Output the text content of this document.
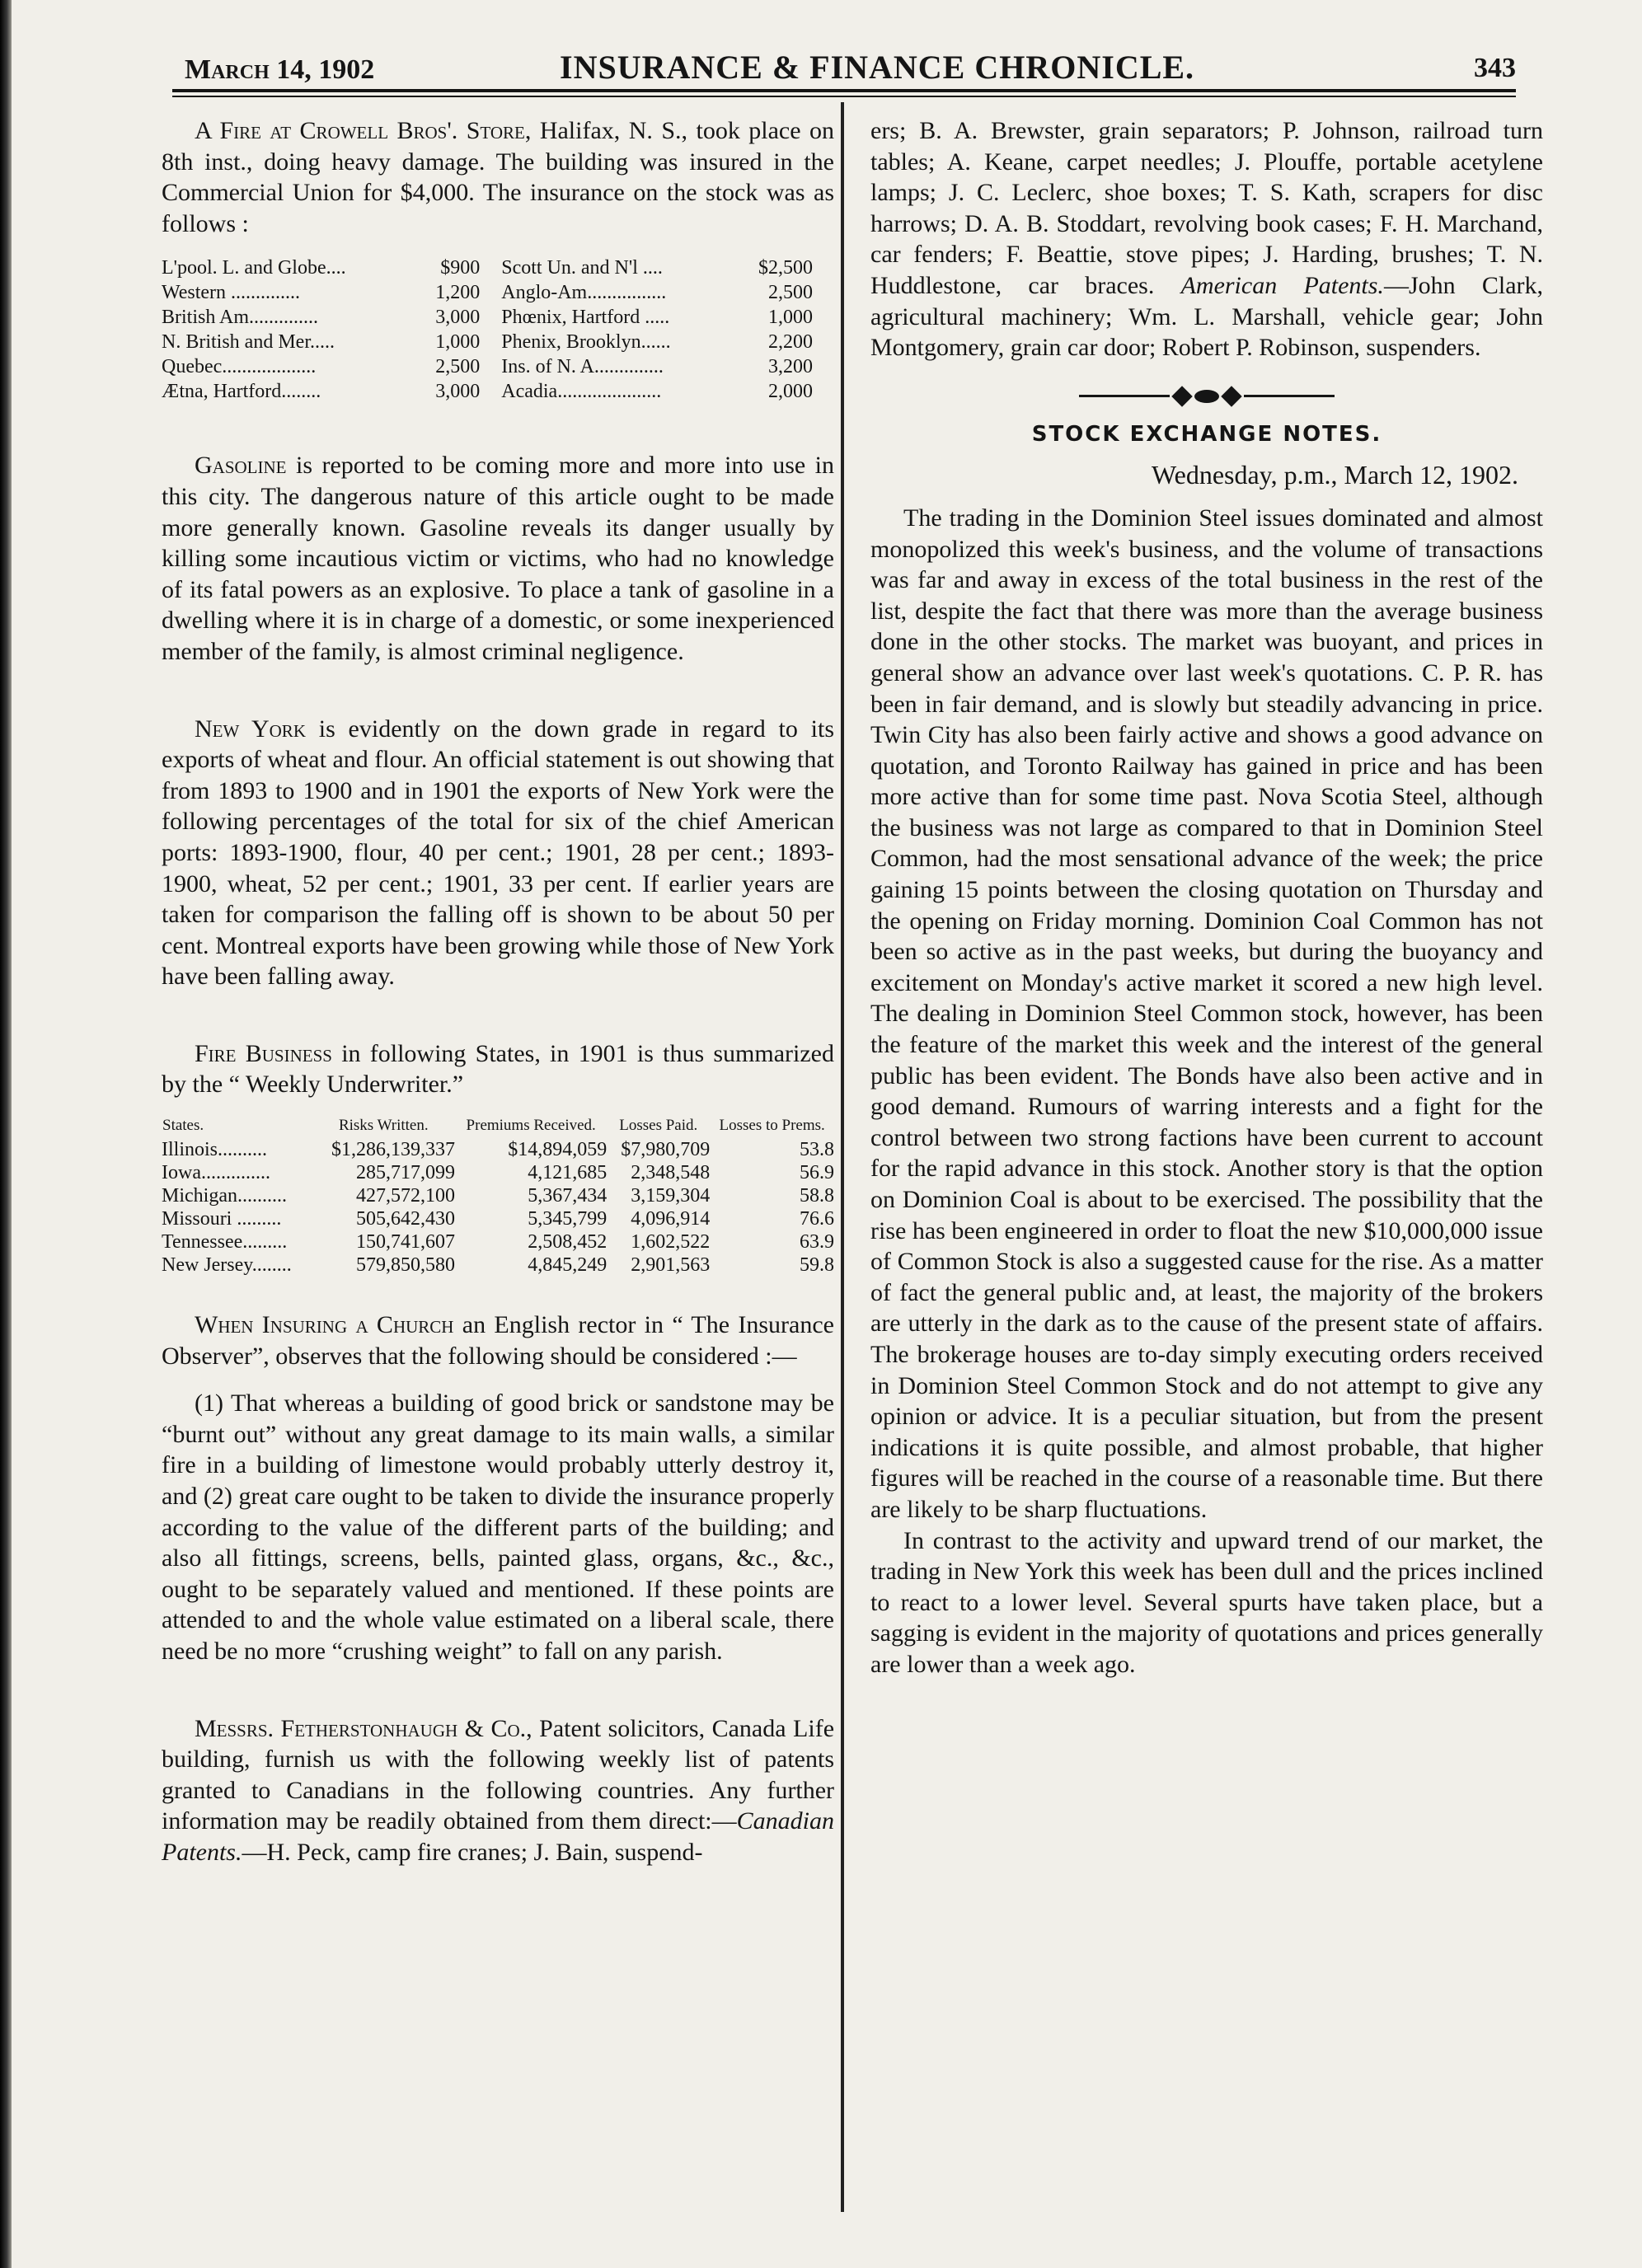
March 14, 1902	INSURANCE & FINANCE CHRONICLE.	343

A Fire at Crowell Bros'. Store, Halifax, N. S., took place on 8th inst., doing heavy damage. The building was insured in the Commercial Union for $4,000. The insurance on the stock was as follows :

L'pool. L. and Globe....	$900	Scott Un. and N'l ....	$2,500
Western ..............	1,200	Anglo-Am................	2,500
British Am..............	3,000	Phœnix, Hartford .....	1,000
N. British and Mer.....	1,000	Phenix, Brooklyn......	2,200
Quebec...................	2,500	Ins. of N. A..............	3,200
Ætna, Hartford........	3,000	Acadia.....................	2,000

Gasoline is reported to be coming more and more into use in this city. The dangerous nature of this article ought to be made more generally known. Gasoline reveals its danger usually by killing some incautious victim or victims, who had no knowledge of its fatal powers as an explosive. To place a tank of gasoline in a dwelling where it is in charge of a domestic, or some inexperienced member of the family, is almost criminal negligence.

New York is evidently on the down grade in regard to its exports of wheat and flour. An official statement is out showing that from 1893 to 1900 and in 1901 the exports of New York were the following percentages of the total for six of the chief American ports: 1893-1900, flour, 40 per cent.; 1901, 28 per cent.; 1893-1900, wheat, 52 per cent.; 1901, 33 per cent. If earlier years are taken for comparison the falling off is shown to be about 50 per cent. Montreal exports have been growing while those of New York have been falling away.

Fire Business in following States, in 1901 is thus summarized by the “ Weekly Underwriter.”

States.	Risks Written.	Premiums Received.	Losses Paid.	Losses to Prems.
Illinois..........	$1,286,139,337	$14,894,059	$7,980,709	53.8
Iowa..............	285,717,099	4,121,685	2,348,548	56.9
Michigan..........	427,572,100	5,367,434	3,159,304	58.8
Missouri .........	505,642,430	5,345,799	4,096,914	76.6
Tennessee.........	150,741,607	2,508,452	1,602,522	63.9
New Jersey........	579,850,580	4,845,249	2,901,563	59.8

When Insuring a Church an English rector in “ The Insurance Observer”, observes that the following should be considered :—

(1) That whereas a building of good brick or sandstone may be “burnt out” without any great damage to its main walls, a similar fire in a building of limestone would probably utterly destroy it, and (2) great care ought to be taken to divide the insurance properly according to the value of the different parts of the building; and also all fittings, screens, bells, painted glass, organs, &c., &c., ought to be separately valued and mentioned. If these points are attended to and the whole value estimated on a liberal scale, there need be no more “crushing weight” to fall on any parish.

Messrs. Fetherstonhaugh & Co., Patent solicitors, Canada Life building, furnish us with the following weekly list of patents granted to Canadians in the following countries. Any further information may be readily obtained from them direct:—Canadian Patents.—H. Peck, camp fire cranes; J. Bain, suspend-

ers; B. A. Brewster, grain separators; P. Johnson, railroad turn tables; A. Keane, carpet needles; J. Plouffe, portable acetylene lamps; J. C. Leclerc, shoe boxes; T. S. Kath, scrapers for disc harrows; D. A. B. Stoddart, revolving book cases; F. H. Marchand, car fenders; F. Beattie, stove pipes; J. Harding, brushes; T. N. Huddlestone, car braces. American Patents.—John Clark, agricultural machinery; Wm. L. Marshall, vehicle gear; John Montgomery, grain car door; Robert P. Robinson, suspenders.

STOCK EXCHANGE NOTES.
Wednesday, p.m., March 12, 1902.

The trading in the Dominion Steel issues dominated and almost monopolized this week's business, and the volume of transactions was far and away in excess of the total business in the rest of the list, despite the fact that there was more than the average business done in the other stocks. The market was buoyant, and prices in general show an advance over last week's quotations. C. P. R. has been in fair demand, and is slowly but steadily advancing in price. Twin City has also been fairly active and shows a good advance on quotation, and Toronto Railway has gained in price and has been more active than for some time past. Nova Scotia Steel, although the business was not large as compared to that in Dominion Steel Common, had the most sensational advance of the week; the price gaining 15 points between the closing quotation on Thursday and the opening on Friday morning. Dominion Coal Common has not been so active as in the past weeks, but during the buoyancy and excitement on Monday's active market it scored a new high level. The dealing in Dominion Steel Common stock, however, has been the feature of the market this week and the interest of the general public has been evident. The Bonds have also been active and in good demand. Rumours of warring interests and a fight for the control between two strong factions have been current to account for the rapid advance in this stock. Another story is that the option on Dominion Coal is about to be exercised. The possibility that the rise has been engineered in order to float the new $10,000,000 issue of Common Stock is also a suggested cause for the rise. As a matter of fact the general public and, at least, the majority of the brokers are utterly in the dark as to the cause of the present state of affairs. The brokerage houses are to-day simply executing orders received in Dominion Steel Common Stock and do not attempt to give any opinion or advice. It is a peculiar situation, but from the present indications it is quite possible, and almost probable, that higher figures will be reached in the course of a reasonable time. But there are likely to be sharp fluctuations.

In contrast to the activity and upward trend of our market, the trading in New York this week has been dull and the prices inclined to react to a lower level. Several spurts have taken place, but a sagging is evident in the majority of quotations and prices generally are lower than a week ago.
